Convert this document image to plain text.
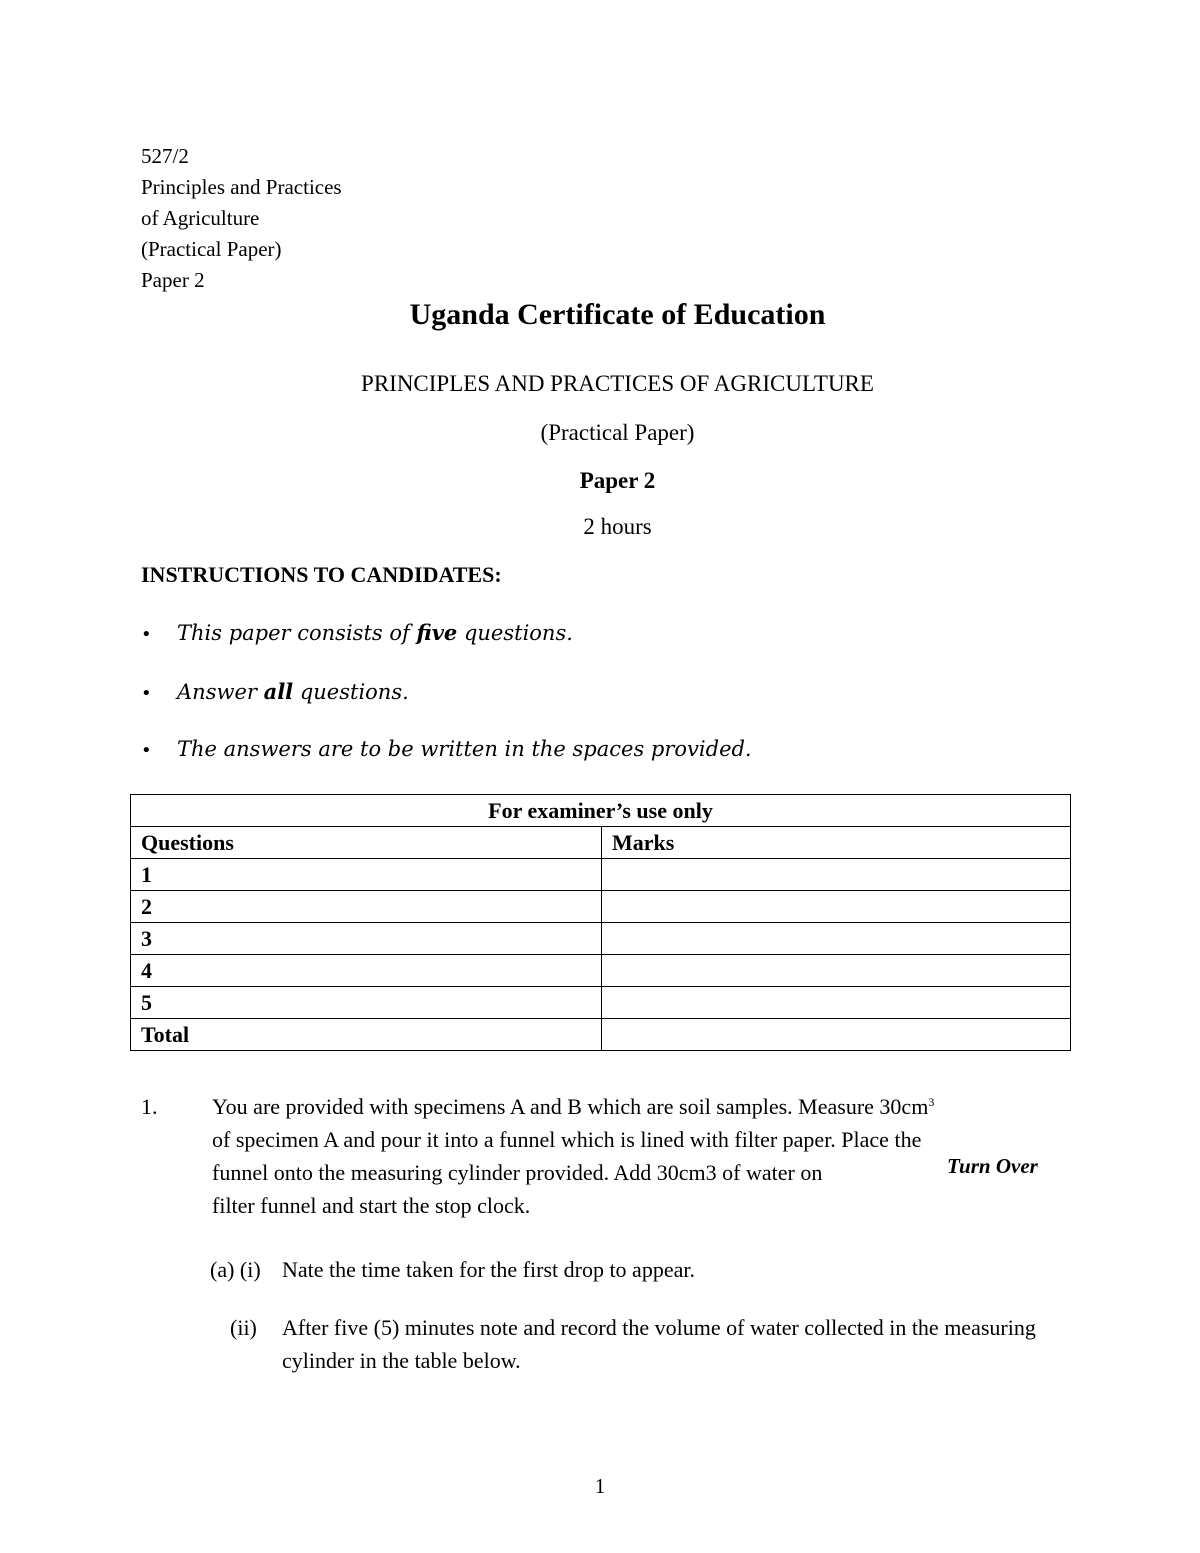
527/2
Principles and Practices
of Agriculture
(Practical Paper)
Paper 2
Uganda Certificate of Education
PRINCIPLES AND PRACTICES OF AGRICULTURE
(Practical Paper)
Paper 2
2 hours
INSTRUCTIONS TO CANDIDATES:
• This paper consists of five questions.
• Answer all questions.
• The answers are to be written in the spaces provided.
For examiner’s use only	
Questions	Marks
1	
2	
3	
4	
5	
Total	
1. You are provided with specimens A and B which are soil samples. Measure $30cm^3$
of specimen A and pour it into a funnel which is lined with filter paper. Place the
funnel onto the measuring cylinder provided. Add 30cm3 of water on
filter funnel and start the stop clock.
Turn Over
(a) (i) Nate the time taken for the first drop to appear.
(ii) After five (5) minutes note and record the volume of water collected in the measuring cylinder in the table below.
1
